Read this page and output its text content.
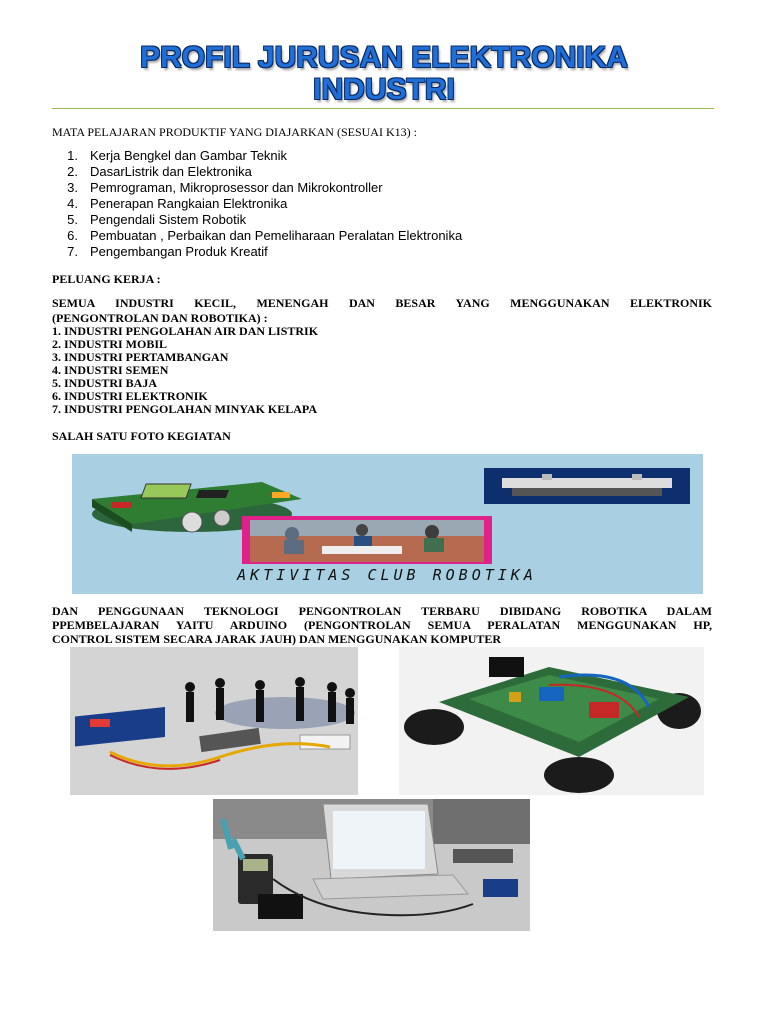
PROFIL JURUSAN ELEKTRONIKA
INDUSTRI
MATA PELAJARAN PRODUKTIF YANG DIAJARKAN (SESUAI K13) :
1. Kerja Bengkel dan Gambar Teknik
2. DasarListrik dan Elektronika
3. Pemrograman, Mikroprosessor dan Mikrokontroller
4. Penerapan Rangkaian Elektronika
5. Pengendali Sistem Robotik
6. Pembuatan , Perbaikan dan Pemeliharaan Peralatan Elektronika
7. Pengembangan Produk Kreatif
PELUANG KERJA :
SEMUA INDUSTRI KECIL, MENENGAH DAN BESAR YANG MENGGUNAKAN ELEKTRONIK
(PENGONTROLAN DAN ROBOTIKA) :
1. INDUSTRI PENGOLAHAN AIR DAN LISTRIK
2. INDUSTRI MOBIL
3. INDUSTRI PERTAMBANGAN
4. INDUSTRI SEMEN
5. INDUSTRI BAJA
6. INDUSTRI ELEKTRONIK
7. INDUSTRI PENGOLAHAN MINYAK KELAPA
SALAH SATU FOTO KEGIATAN
AKTIVITAS CLUB ROBOTIKA
DAN PENGGUNAAN TEKNOLOGI PENGONTROLAN TERBARU DIBIDANG ROBOTIKA DALAM
PPEMBELAJARAN YAITU ARDUINO (PENGONTROLAN SEMUA PERALATAN MENGGUNAKAN HP,
CONTROL SISTEM SECARA JARAK JAUH) DAN MENGGUNAKAN KOMPUTER
